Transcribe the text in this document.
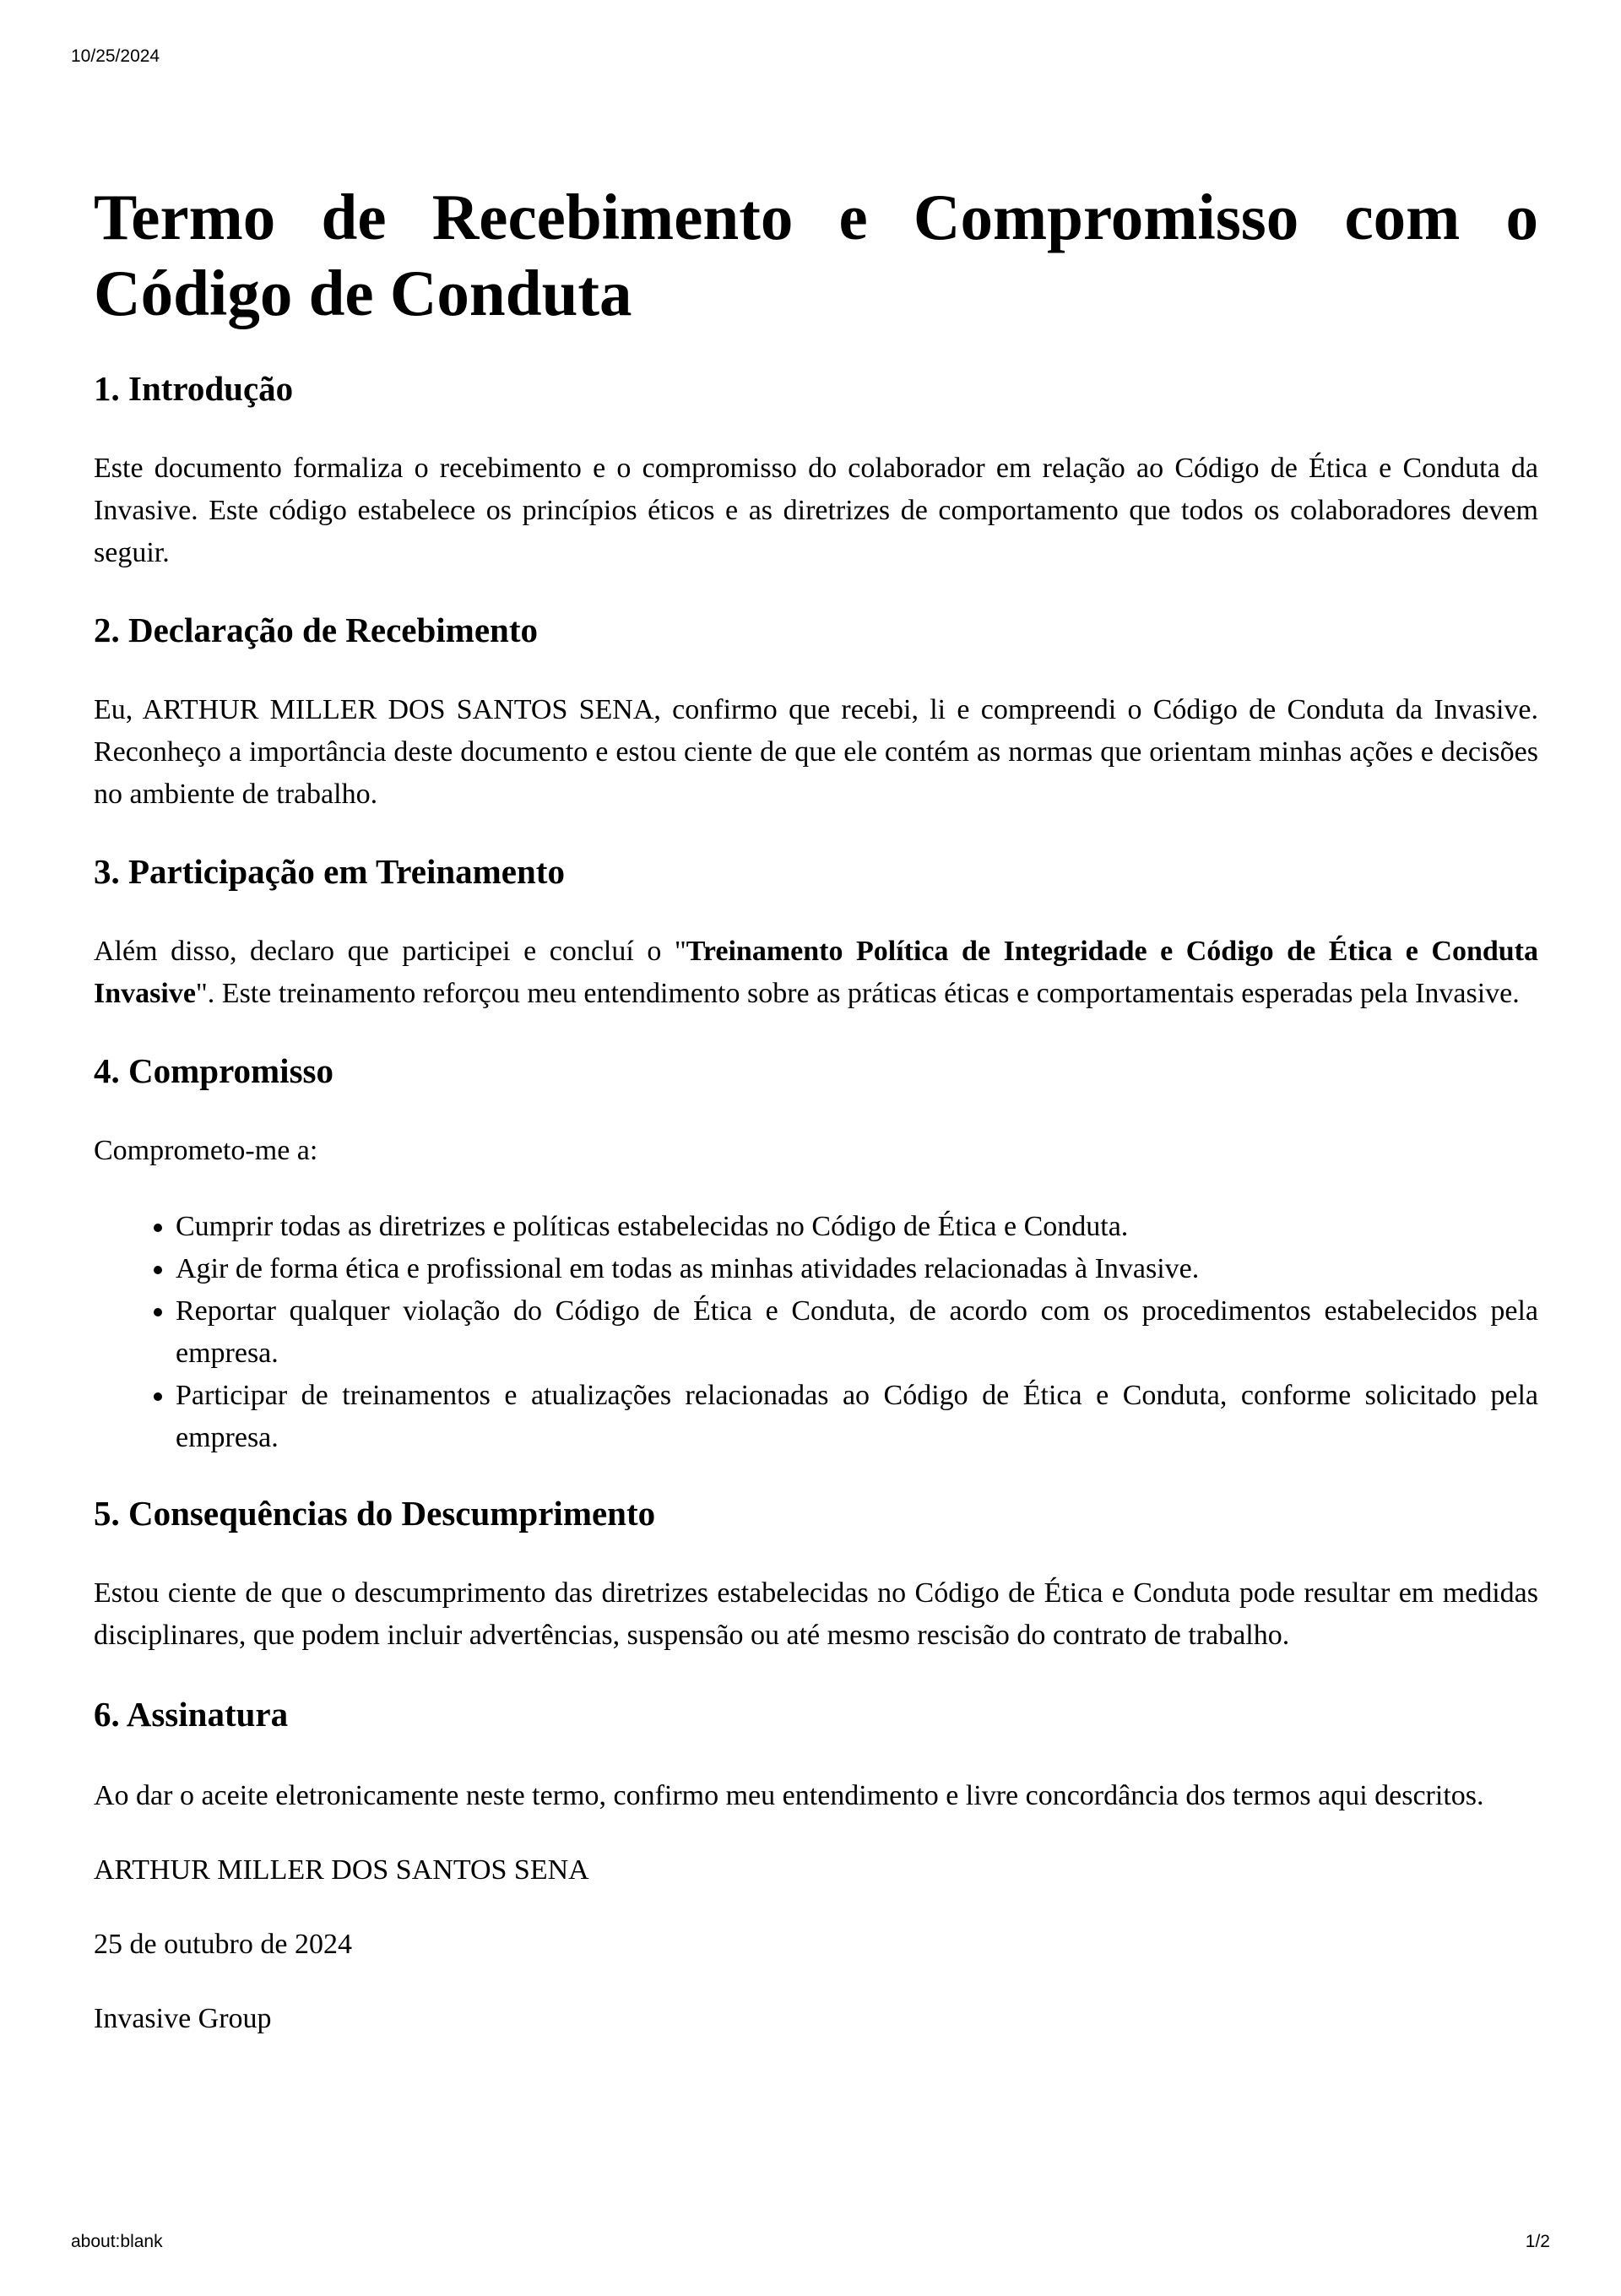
10/25/2024
Termo de Recebimento e Compromisso com o Código de Conduta
1. Introdução

Este documento formaliza o recebimento e o compromisso do colaborador em relação ao Código de Ética e Conduta da Invasive. Este código estabelece os princípios éticos e as diretrizes de comportamento que todos os colaboradores devem seguir.

2. Declaração de Recebimento

Eu, ARTHUR MILLER DOS SANTOS SENA, confirmo que recebi, li e compreendi o Código de Conduta da Invasive. Reconheço a importância deste documento e estou ciente de que ele contém as normas que orientam minhas ações e decisões no ambiente de trabalho.

3. Participação em Treinamento

Além disso, declaro que participei e concluí o "Treinamento Política de Integridade e Código de Ética e Conduta Invasive". Este treinamento reforçou meu entendimento sobre as práticas éticas e comportamentais esperadas pela Invasive.

4. Compromisso

Comprometo-me a:

• Cumprir todas as diretrizes e políticas estabelecidas no Código de Ética e Conduta.
• Agir de forma ética e profissional em todas as minhas atividades relacionadas à Invasive.
• Reportar qualquer violação do Código de Ética e Conduta, de acordo com os procedimentos estabelecidos pela empresa.
• Participar de treinamentos e atualizações relacionadas ao Código de Ética e Conduta, conforme solicitado pela empresa.
5. Consequências do Descumprimento

Estou ciente de que o descumprimento das diretrizes estabelecidas no Código de Ética e Conduta pode resultar em medidas disciplinares, que podem incluir advertências, suspensão ou até mesmo rescisão do contrato de trabalho.

6. Assinatura

Ao dar o aceite eletronicamente neste termo, confirmo meu entendimento e livre concordância dos termos aqui descritos.

ARTHUR MILLER DOS SANTOS SENA

25 de outubro de 2024

Invasive Group

about:blank	1/2
